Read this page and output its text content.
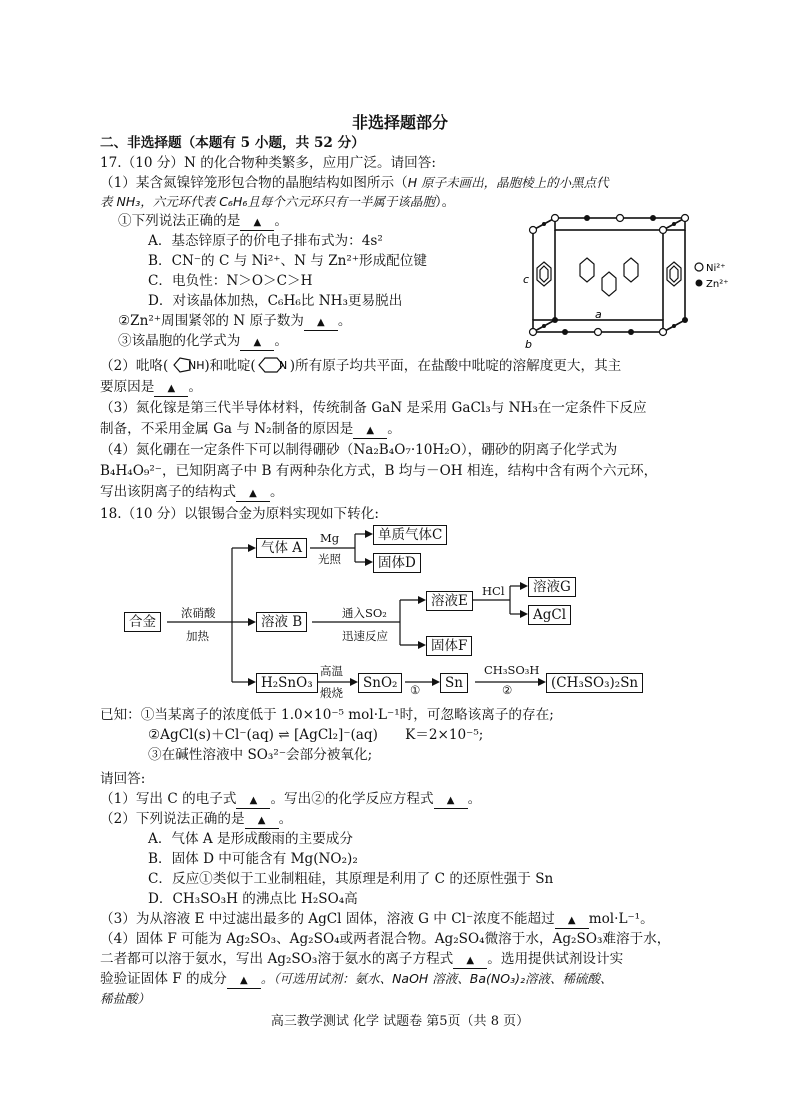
非选择题部分
二、非选择题（本题有 5 小题，共 52 分）
17.（10 分）N 的化合物种类繁多，应用广泛。请回答:
（1）某含氮镍锌笼形包合物的晶胞结构如图所示（H 原子未画出，晶胞棱上的小黑点代
表 NH₃，六元环代表 C₆H₆且每个六元环只有一半属于该晶胞）。
①下列说法正确的是 ▲ 。
A．基态锌原子的价电子排布式为：4s²
B．CN⁻的 C 与 Ni²⁺、N 与 Zn²⁺形成配位键
C．电负性：N＞O＞C＞H
D．对该晶体加热，C₆H₆比 NH₃更易脱出
②Zn²⁺周围紧邻的 N 原子数为 ▲ 。
③该晶胞的化学式为 ▲ 。
c
a
b
Ni²⁺
Zn²⁺
（2）吡咯( NH )和吡啶( N )所有原子均共平面，在盐酸中吡啶的溶解度更大，其主
要原因是 ▲ 。
（3）氮化镓是第三代半导体材料，传统制备 GaN 是采用 GaCl₃与 NH₃在一定条件下反应
制备，不采用金属 Ga 与 N₂制备的原因是 ▲ 。
（4）氮化硼在一定条件下可以制得硼砂（Na₂B₄O₇·10H₂O），硼砂的阴离子化学式为
B₄H₄O₉²⁻，已知阴离子中 B 有两种杂化方式，B 均与－OH 相连，结构中含有两个六元环，
写出该阴离子的结构式 ▲ 。
18.（10 分）以银锡合金为原料实现如下转化:
合金
浓硝酸
加热
气体 A
Mg
光照
单质气体C
固体D
溶液 B
通入SO₂
迅速反应
溶液E
HCl	溶液G
AgCl
固体F
H₂SnO₃
高温
煅烧
SnO₂	①	Sn
CH₃SO₃H
②	(CH₃SO₃)₂Sn
已知：①当某离子的浓度低于 1.0×10⁻⁵ mol·L⁻¹时，可忽略该离子的存在;
②AgCl(s)＋Cl⁻(aq) ⇌ [AgCl₂]⁻(aq)　　K＝2×10⁻⁵;
③在碱性溶液中 SO₃²⁻会部分被氧化;
请回答:
（1）写出 C 的电子式 ▲ 。写出②的化学反应方程式 ▲ 。
（2）下列说法正确的是 ▲ 。
A．气体 A 是形成酸雨的主要成分
B．固体 D 中可能含有 Mg(NO₂)₂
C．反应①类似于工业制粗硅，其原理是利用了 C 的还原性强于 Sn
D．CH₃SO₃H 的沸点比 H₂SO₄高
（3）为从溶液 E 中过滤出最多的 AgCl 固体，溶液 G 中 Cl⁻浓度不能超过 ▲ mol·L⁻¹。
（4）固体 F 可能为 Ag₂SO₃、Ag₂SO₄或两者混合物。Ag₂SO₄微溶于水，Ag₂SO₃难溶于水，
二者都可以溶于氨水，写出 Ag₂SO₃溶于氨水的离子方程式 ▲ 。选用提供试剂设计实
验验证固体 F 的成分 ▲ 。（可选用试剂：氨水、NaOH 溶液、Ba(NO₃)₂溶液、稀硫酸、
稀盐酸）
高三教学测试 化学 试题卷 第5页（共 8 页）
